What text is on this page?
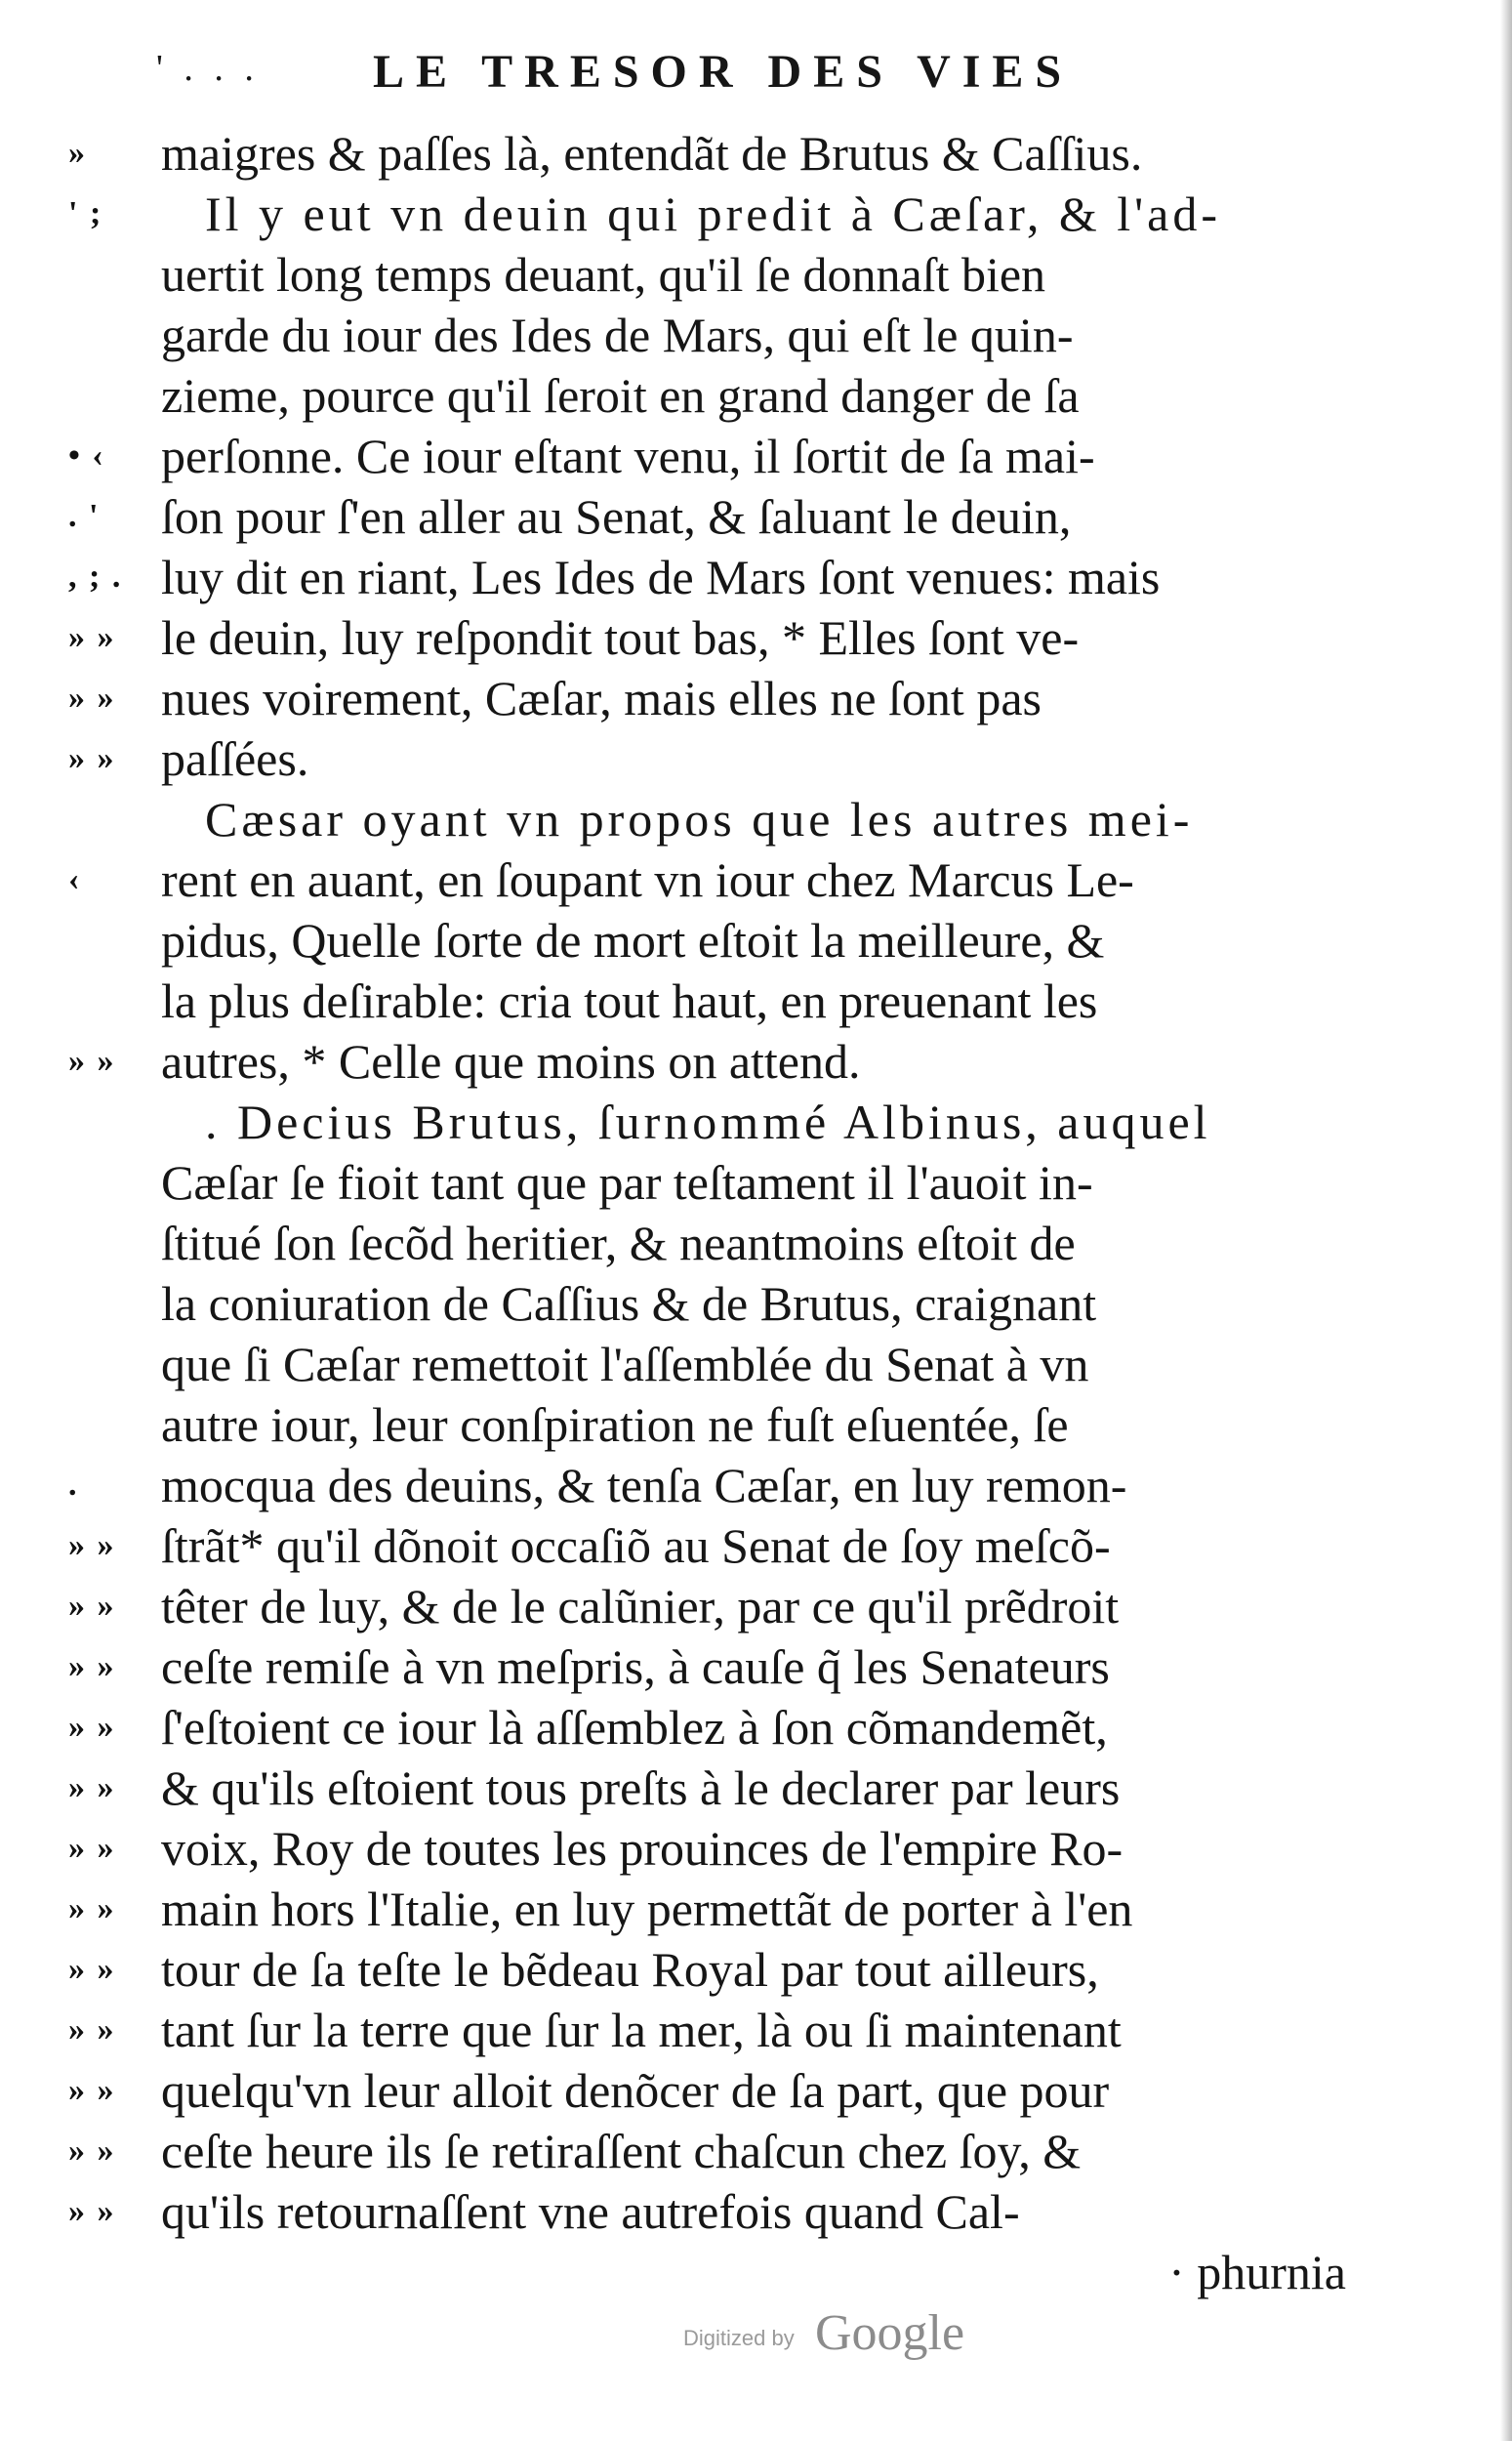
' . . . LE TRESOR DES VIES
»	maigres & paſſes là, entendãt de Brutus & Caſſius.
' ;	Il y eut vn deuin qui predit à Cæſar, & l'ad-
uertit long temps deuant, qu'il ſe donnaſt bien
garde du iour des Ides de Mars, qui eſt le quin-
zieme, pource qu'il ſeroit en grand danger de ſa
• ‹	perſonne. Ce iour eſtant venu, il ſortit de ſa mai-
. '	ſon pour ſ'en aller au Senat, & ſaluant le deuin,
, ; . luy dit en riant, Les Ides de Mars ſont venues: mais
» » le deuin, luy reſpondit tout bas, * Elles ſont ve-
» » nues voirement, Cæſar, mais elles ne ſont pas
» » paſſées.
Cæsar oyant vn propos que les autres mei-
‹	rent en auant, en ſoupant vn iour chez Marcus Le-
pidus, Quelle ſorte de mort eſtoit la meilleure, &
la plus deſirable: cria tout haut, en preuenant les
» » autres, * Celle que moins on attend.
. Decius Brutus, ſurnommé Albinus, auquel
Cæſar ſe fioit tant que par teſtament il l'auoit in-
ſtitué ſon ſecõd heritier, & neantmoins eſtoit de
la coniuration de Caſſius & de Brutus, craignant
que ſi Cæſar remettoit l'aſſemblée du Senat à vn
autre iour, leur conſpiration ne fuſt eſuentée, ſe
.	mocqua des deuins, & tenſa Cæſar, en luy remon-
» » ſtrãt* qu'il dõnoit occaſiõ au Senat de ſoy meſcõ-
» » têter de luy, & de le calũnier, par ce qu'il prẽdroit
» » ceſte remiſe à vn meſpris, à cauſe q̃ les Senateurs
» » ſ'eſtoient ce iour là aſſemblez à ſon cõmandemẽt,
» » & qu'ils eſtoient tous preſts à le declarer par leurs
» » voix, Roy de toutes les prouinces de l'empire Ro-
» » main hors l'Italie, en luy permettãt de porter à l'en
» » tour de ſa teſte le bẽdeau Royal par tout ailleurs,
» » tant ſur la terre que ſur la mer, là ou ſi maintenant
» » quelqu'vn leur alloit denõcer de ſa part, que pour
» » ceſte heure ils ſe retiraſſent chaſcun chez ſoy, &
» » qu'ils retournaſſent vne autrefois quand Cal-
· phurnia
Digitized by Google
